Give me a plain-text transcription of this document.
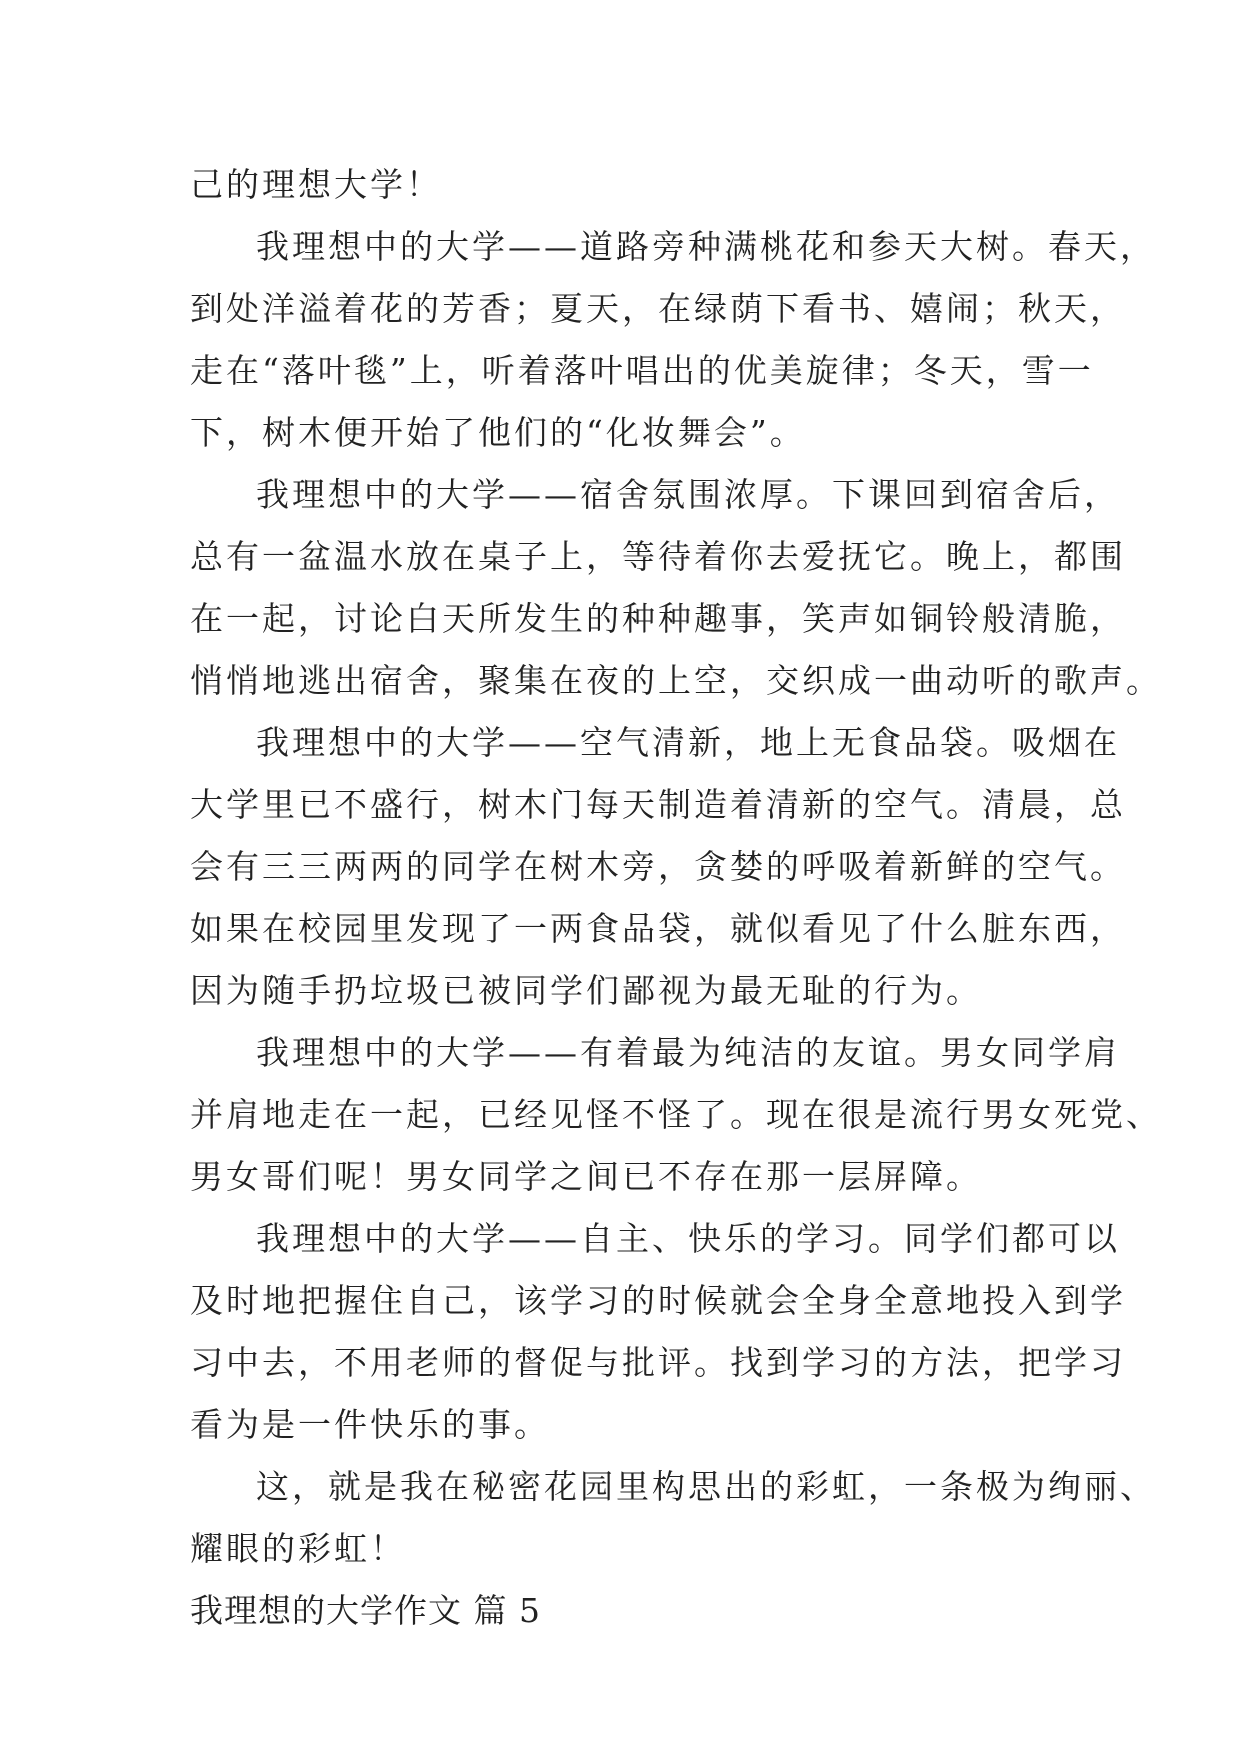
己的理想大学！
我理想中的大学——道路旁种满桃花和参天大树。春天，
到处洋溢着花的芳香；夏天，在绿荫下看书、嬉闹；秋天，
走在“落叶毯”上，听着落叶唱出的优美旋律；冬天，雪一
下，树木便开始了他们的“化妆舞会”。
我理想中的大学——宿舍氛围浓厚。下课回到宿舍后，
总有一盆温水放在桌子上，等待着你去爱抚它。晚上，都围
在一起，讨论白天所发生的种种趣事，笑声如铜铃般清脆，
悄悄地逃出宿舍，聚集在夜的上空，交织成一曲动听的歌声。
我理想中的大学——空气清新，地上无食品袋。吸烟在
大学里已不盛行，树木门每天制造着清新的空气。清晨，总
会有三三两两的同学在树木旁，贪婪的呼吸着新鲜的空气。
如果在校园里发现了一两食品袋，就似看见了什么脏东西，
因为随手扔垃圾已被同学们鄙视为最无耻的行为。
我理想中的大学——有着最为纯洁的友谊。男女同学肩
并肩地走在一起，已经见怪不怪了。现在很是流行男女死党、
男女哥们呢！男女同学之间已不存在那一层屏障。
我理想中的大学——自主、快乐的学习。同学们都可以
及时地把握住自己，该学习的时候就会全身全意地投入到学
习中去，不用老师的督促与批评。找到学习的方法，把学习
看为是一件快乐的事。
这，就是我在秘密花园里构思出的彩虹，一条极为绚丽、
耀眼的彩虹！
我理想的大学作文 篇 5
